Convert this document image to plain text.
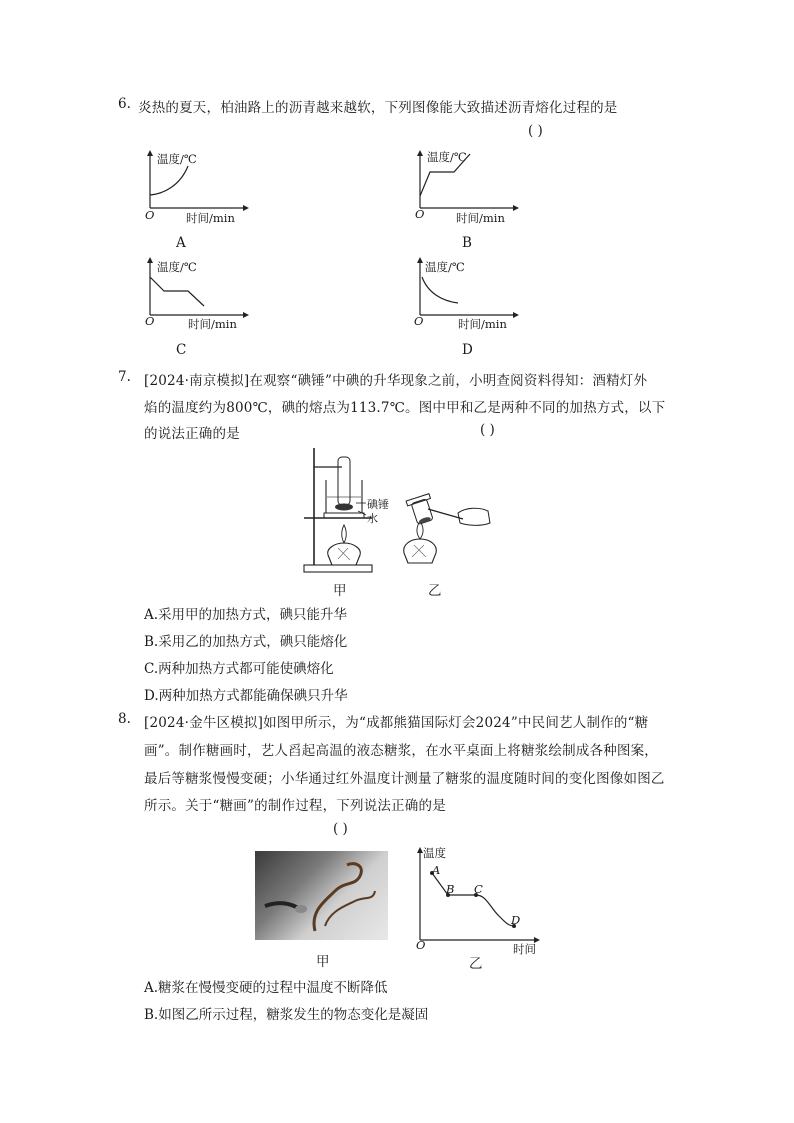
6. 炎热的夏天，柏油路上的沥青越来越软，下列图像能大致描述沥青熔化过程的是
( )
温度/℃
O	时间/min
A
温度/℃
O	时间/min
B
温度/℃
O	时间/min
C
温度/℃
O	时间/min
D
7. [2024·南京模拟]在观察“碘锤”中碘的升华现象之前，小明查阅资料得知：酒精灯外
焰的温度约为800℃，碘的熔点为113.7℃。图中甲和乙是两种不同的加热方式，以下
的说法正确的是	( )
碘锤
水
甲	乙
A.采用甲的加热方式，碘只能升华
B.采用乙的加热方式，碘只能熔化
C.两种加热方式都可能使碘熔化
D.两种加热方式都能确保碘只升华
8. [2024·金牛区模拟]如图甲所示，为“成都熊猫国际灯会2024”中民间艺人制作的“糖
画”。制作糖画时，艺人舀起高温的液态糖浆，在水平桌面上将糖浆绘制成各种图案，
最后等糖浆慢慢变硬；小华通过红外温度计测量了糖浆的温度随时间的变化图像如图乙
所示。关于“糖画”的制作过程，下列说法正确的是
( )
甲
温度
A
B C
D
O	时间
乙
A.糖浆在慢慢变硬的过程中温度不断降低
B.如图乙所示过程，糖浆发生的物态变化是凝固
